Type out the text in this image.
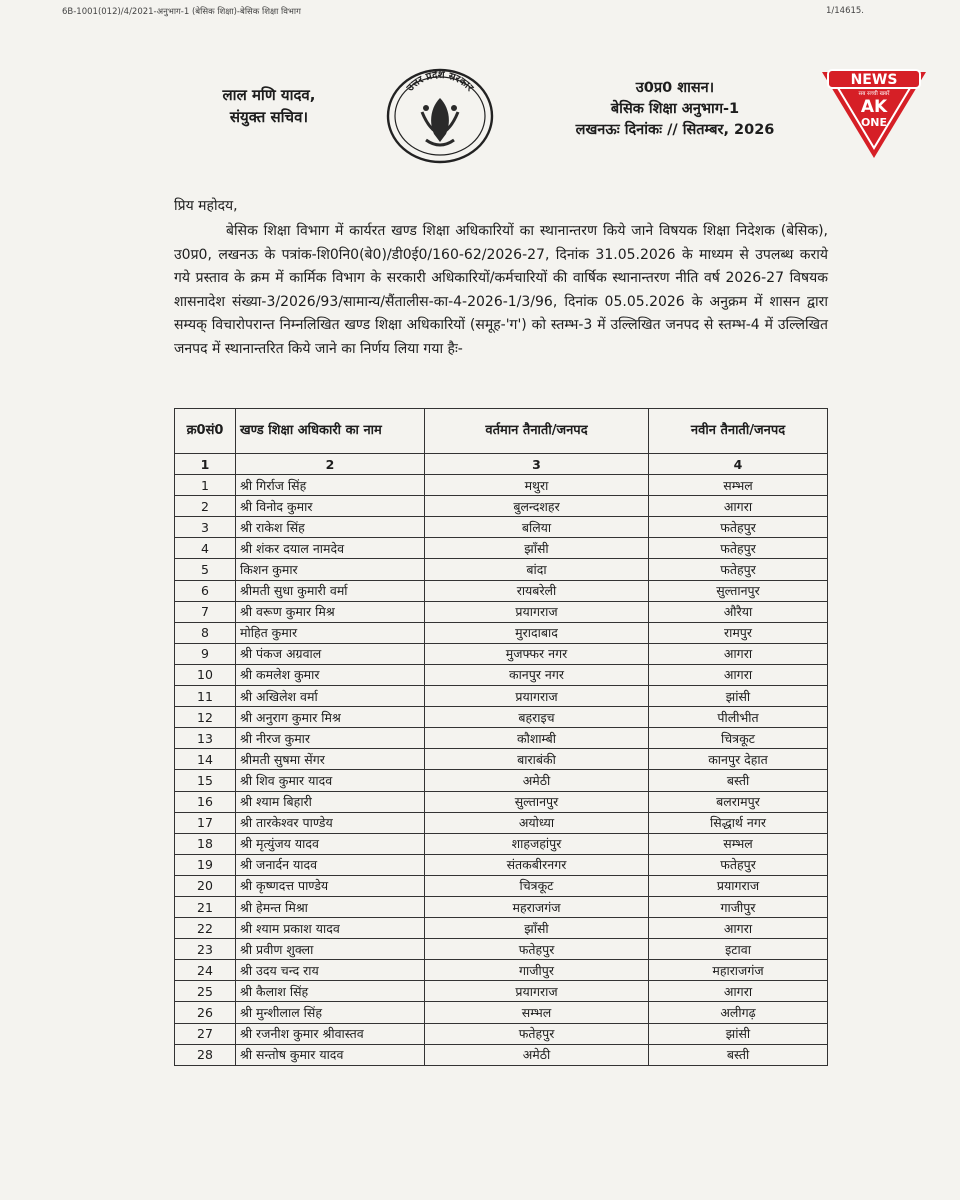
6B-1001(012)/4/2021-अनुभाग-1 (बेसिक शिक्षा)-बेसिक शिक्षा विभाग	1/14615.
लाल मणि यादव,
संयुक्त सचिव।
उत्तर प्रदेश सरकार	उ0प्र0 शासन।
बेसिक शिक्षा अनुभाग-1
लखनऊः दिनांकः // सितम्बर, 2026
NEWS
सब सच्ची खबरें
AK
ONE
प्रिय महोदय,
बेसिक शिक्षा विभाग में कार्यरत खण्ड शिक्षा अधिकारियों का स्थानान्तरण किये जाने विषयक शिक्षा निदेशक (बेसिक), उ0प्र0, लखनऊ के पत्रांक-शि0नि0(बे0)/डी0ई0/160-62/2026-27, दिनांक 31.05.2026 के माध्यम से उपलब्ध कराये गये प्रस्ताव के क्रम में कार्मिक विभाग के सरकारी अधिकारियों/कर्मचारियों की वार्षिक स्थानान्तरण नीति वर्ष 2026-27 विषयक शासनादेश संख्या-3/2026/93/सामान्य/सैंतालीस-का-4-2026-1/3/96, दिनांक 05.05.2026 के अनुक्रम में शासन द्वारा सम्यक् विचारोपरान्त निम्नलिखित खण्ड शिक्षा अधिकारियों (समूह-'ग') को स्तम्भ-3 में उल्लिखित जनपद से स्तम्भ-4 में उल्लिखित जनपद में स्थानान्तरित किये जाने का निर्णय लिया गया हैः-
क्र0सं0	खण्ड शिक्षा अधिकारी का नाम	वर्तमान तैनाती/जनपद	नवीन तैनाती/जनपद
1	2	3	4
1	श्री गिर्राज सिंह	मथुरा	सम्भल
2	श्री विनोद कुमार	बुलन्दशहर	आगरा
3	श्री राकेश सिंह	बलिया	फतेहपुर
4	श्री शंकर दयाल नामदेव	झाँसी	फतेहपुर
5	किशन कुमार	बांदा	फतेहपुर
6	श्रीमती सुधा कुमारी वर्मा	रायबरेली	सुल्तानपुर
7	श्री वरूण कुमार मिश्र	प्रयागराज	औरैया
8	मोहित कुमार	मुरादाबाद	रामपुर
9	श्री पंकज अग्रवाल	मुजफ्फर नगर	आगरा
10	श्री कमलेश कुमार	कानपुर नगर	आगरा
11	श्री अखिलेश वर्मा	प्रयागराज	झांसी
12	श्री अनुराग कुमार मिश्र	बहराइच	पीलीभीत
13	श्री नीरज कुमार	कौशाम्बी	चित्रकूट
14	श्रीमती सुषमा सेंगर	बाराबंकी	कानपुर देहात
15	श्री शिव कुमार यादव	अमेठी	बस्ती
16	श्री श्याम बिहारी	सुल्तानपुर	बलरामपुर
17	श्री तारकेश्वर पाण्डेय	अयोध्या	सिद्धार्थ नगर
18	श्री मृत्युंजय यादव	शाहजहांपुर	सम्भल
19	श्री जनार्दन यादव	संतकबीरनगर	फतेहपुर
20	श्री कृष्णदत्त पाण्डेय	चित्रकूट	प्रयागराज
21	श्री हेमन्त मिश्रा	महराजगंज	गाजीपुर
22	श्री श्याम प्रकाश यादव	झाँसी	आगरा
23	श्री प्रवीण शुक्ला	फतेहपुर	इटावा
24	श्री उदय चन्द राय	गाजीपुर	महाराजगंज
25	श्री कैलाश सिंह	प्रयागराज	आगरा
26	श्री मुन्शीलाल सिंह	सम्भल	अलीगढ़
27	श्री रजनीश कुमार श्रीवास्तव	फतेहपुर	झांसी
28	श्री सन्तोष कुमार यादव	अमेठी	बस्ती
